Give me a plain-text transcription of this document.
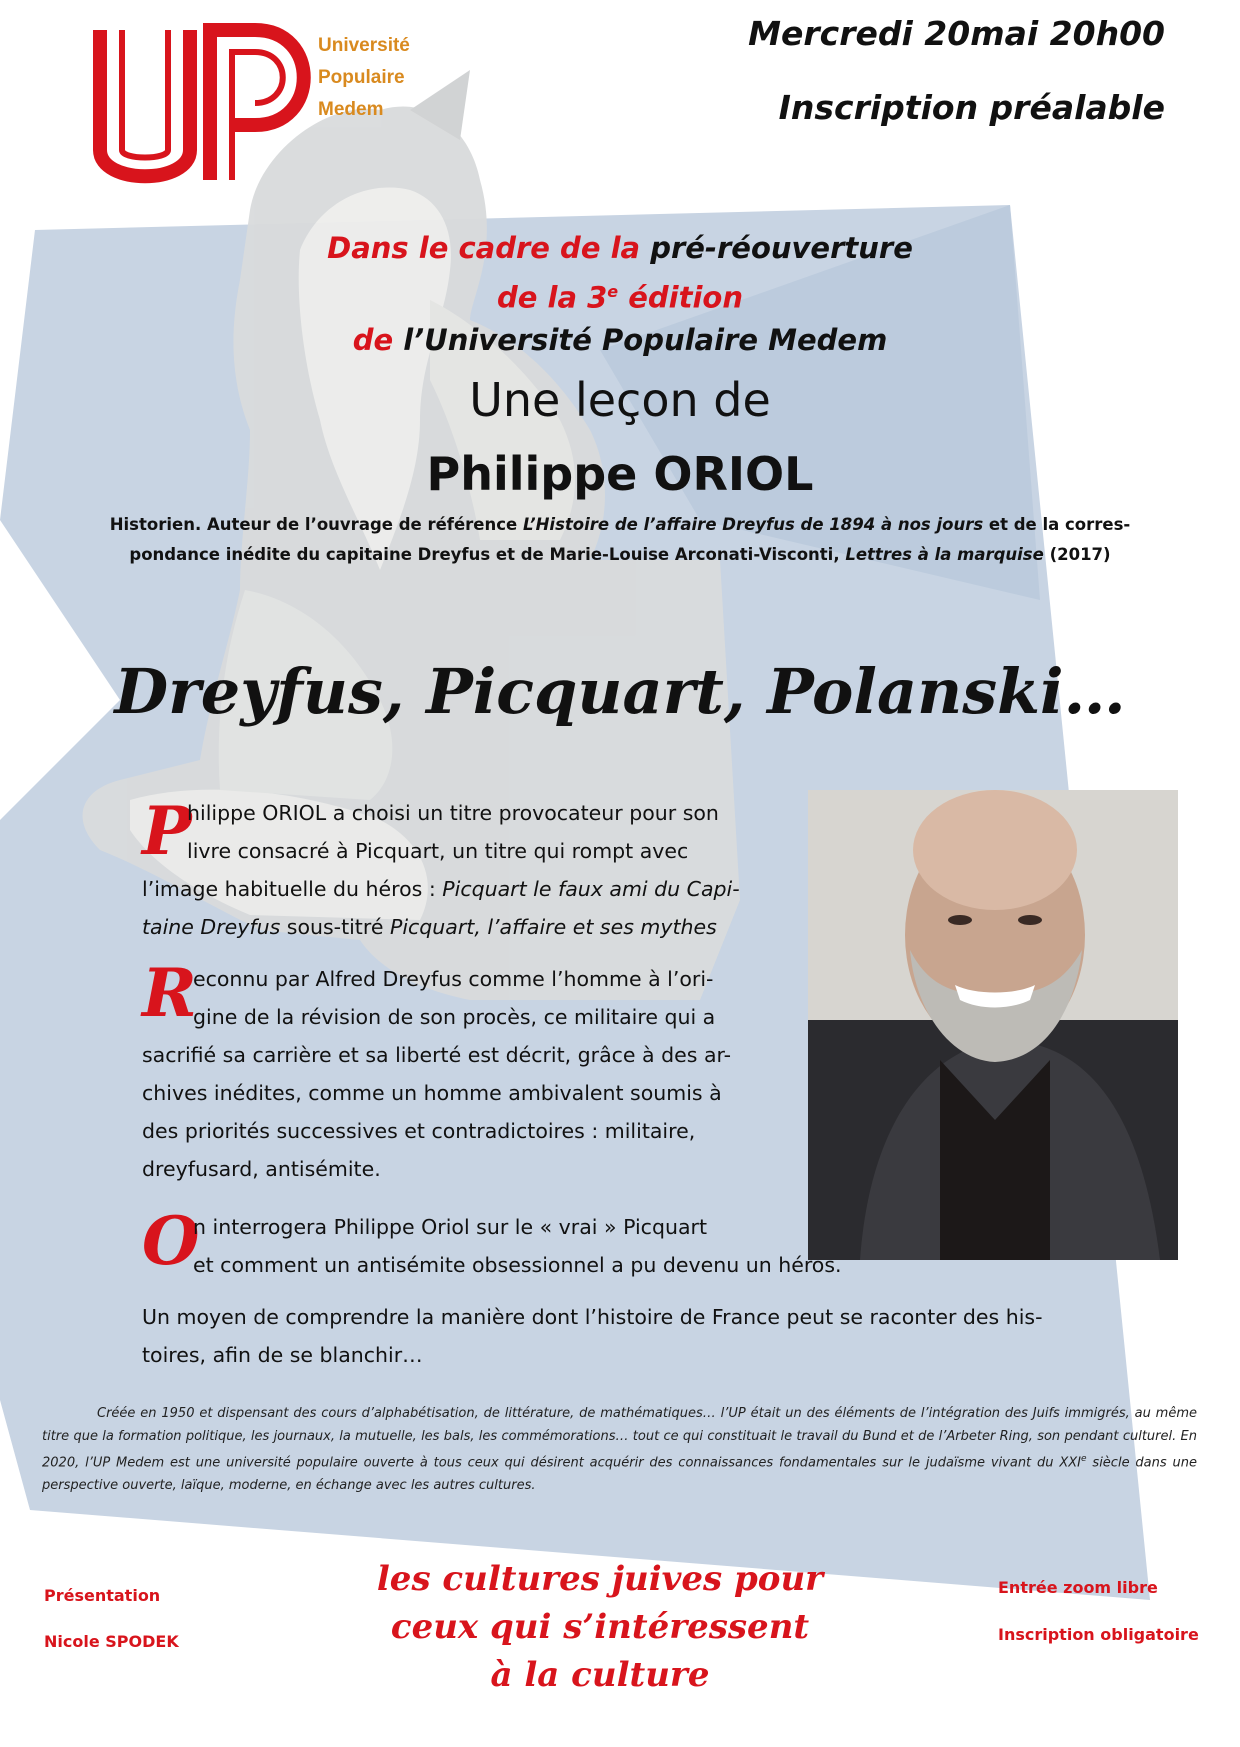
Université
Populaire
Medem
Mercredi 20mai 20h00
Inscription préalable
Dans le cadre de la pré-réouverture
de la 3e édition
de l’Université Populaire Medem
Une leçon de
Philippe ORIOL
Historien. Auteur de l’ouvrage de référence L’Histoire de l’affaire Dreyfus de 1894 à nos jours et de la corres-
pondance inédite du capitaine Dreyfus et de Marie-Louise Arconati-Visconti, Lettres à la marquise (2017)
Dreyfus, Picquart, Polanski…
P
hilippe ORIOL a choisi un titre provocateur pour son
livre consacré à Picquart, un titre qui rompt avec
l’image habituelle du héros : Picquart le faux ami du Capi-
taine Dreyfus sous-titré Picquart, l’affaire et ses mythes
R
econnu par Alfred Dreyfus comme l’homme à l’ori-
gine de la révision de son procès, ce militaire qui a
sacrifié sa carrière et sa liberté est décrit, grâce à des ar-
chives inédites, comme un homme ambivalent soumis à
des priorités successives et contradictoires : militaire,
dreyfusard, antisémite.
O
n interrogera Philippe Oriol sur le « vrai » Picquart
et comment un antisémite obsessionnel a pu devenu un héros.
Un moyen de comprendre la manière dont l’histoire de France peut se raconter des his-
toires, afin de se blanchir…
Créée en 1950 et dispensant des cours d’alphabétisation, de littérature, de mathématiques… l’UP était un des éléments de l’intégration des Juifs immigrés, au même titre que la formation politique, les journaux, la mutuelle, les bals, les commémorations… tout ce qui constituait le travail du Bund et de l’Arbeter Ring, son pendant culturel. En 2020, l’UP Medem est une université populaire ouverte à tous ceux qui désirent acquérir des connaissances fondamentales sur le judaïsme vivant du XXIe siècle dans une perspective ouverte, laïque, moderne, en échange avec les autres cultures.
Présentation
Nicole SPODEK
les cultures juives pour
ceux qui s’intéressent
à la culture
Entrée zoom libre
Inscription obligatoire
